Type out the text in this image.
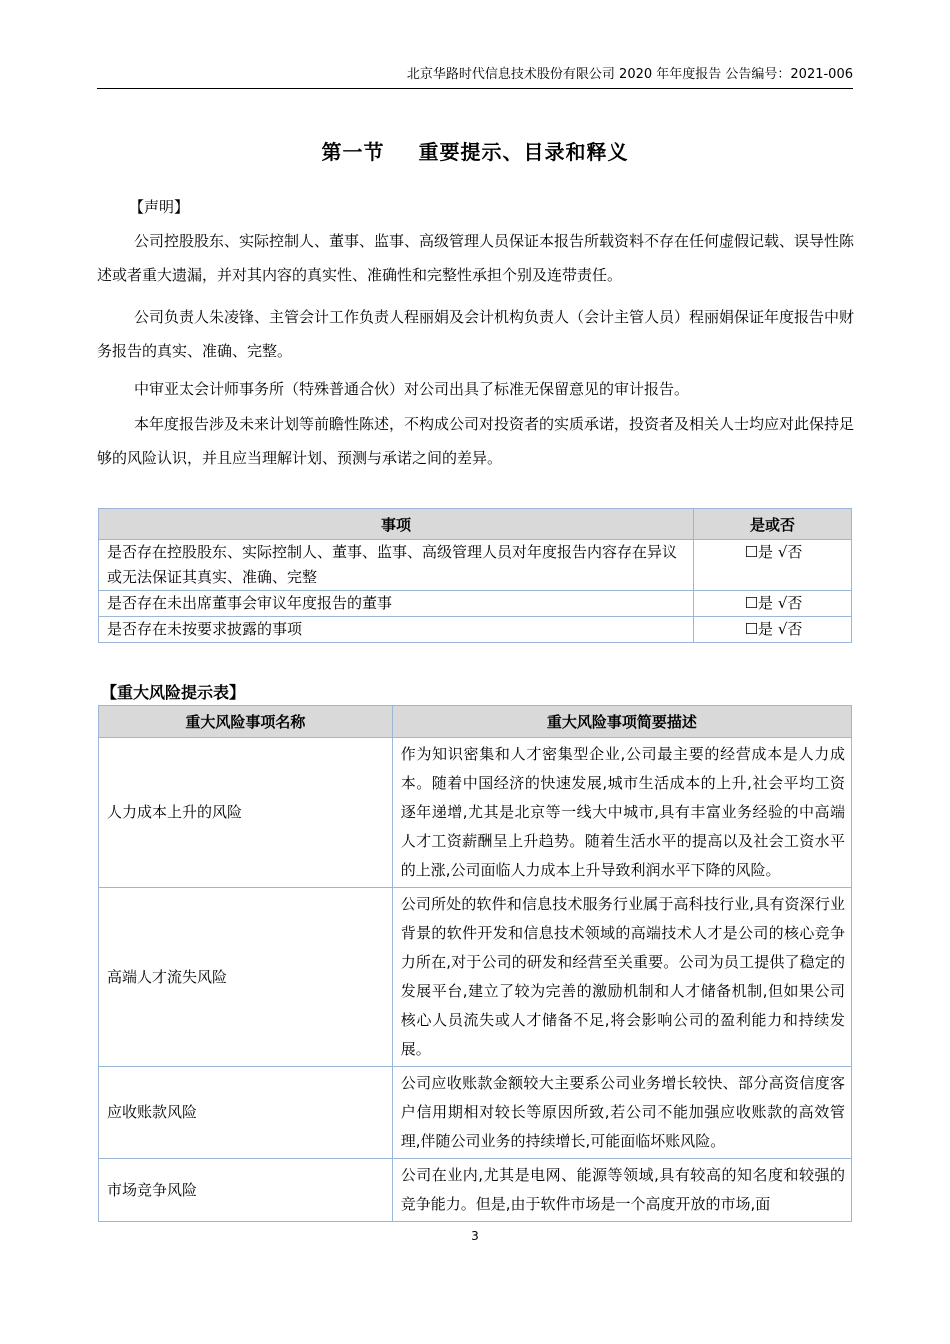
北京华路时代信息技术股份有限公司 2020 年年度报告 公告编号：2021-006
第一节 重要提示、目录和释义

【声明】

公司控股股东、实际控制人、董事、监事、高级管理人员保证本报告所载资料不存在任何虚假记载、误导性陈述或者重大遗漏，并对其内容的真实性、准确性和完整性承担个别及连带责任。

公司负责人朱凌锋、主管会计工作负责人程丽娟及会计机构负责人（会计主管人员）程丽娟保证年度报告中财务报告的真实、准确、完整。

中审亚太会计师事务所（特殊普通合伙）对公司出具了标准无保留意见的审计报告。

本年度报告涉及未来计划等前瞻性陈述，不构成公司对投资者的实质承诺，投资者及相关人士均应对此保持足够的风险认识，并且应当理解计划、预测与承诺之间的差异。

事项	是或否
是否存在控股股东、实际控制人、董事、监事、高级管理人员对年度报告内容存在异议或无法保证其真实、准确、完整	☐是 √否
是否存在未出席董事会审议年度报告的董事	☐是 √否
是否存在未按要求披露的事项	☐是 √否
【重大风险提示表】
重大风险事项名称	重大风险事项简要描述
人力成本上升的风险	作为知识密集和人才密集型企业,公司最主要的经营成本是人力成本。随着中国经济的快速发展,城市生活成本的上升,社会平均工资逐年递增,尤其是北京等一线大中城市,具有丰富业务经验的中高端人才工资薪酬呈上升趋势。随着生活水平的提高以及社会工资水平的上涨,公司面临人力成本上升导致利润水平下降的风险。
高端人才流失风险	公司所处的软件和信息技术服务行业属于高科技行业,具有资深行业背景的软件开发和信息技术领域的高端技术人才是公司的核心竞争力所在,对于公司的研发和经营至关重要。公司为员工提供了稳定的发展平台,建立了较为完善的激励机制和人才储备机制,但如果公司核心人员流失或人才储备不足,将会影响公司的盈利能力和持续发展。
应收账款风险	公司应收账款金额较大主要系公司业务增长较快、部分高资信度客户信用期相对较长等原因所致,若公司不能加强应收账款的高效管理,伴随公司业务的持续增长,可能面临坏账风险。
市场竞争风险	公司在业内,尤其是电网、能源等领域,具有较高的知名度和较强的竞争能力。但是,由于软件市场是一个高度开放的市场,面
3
